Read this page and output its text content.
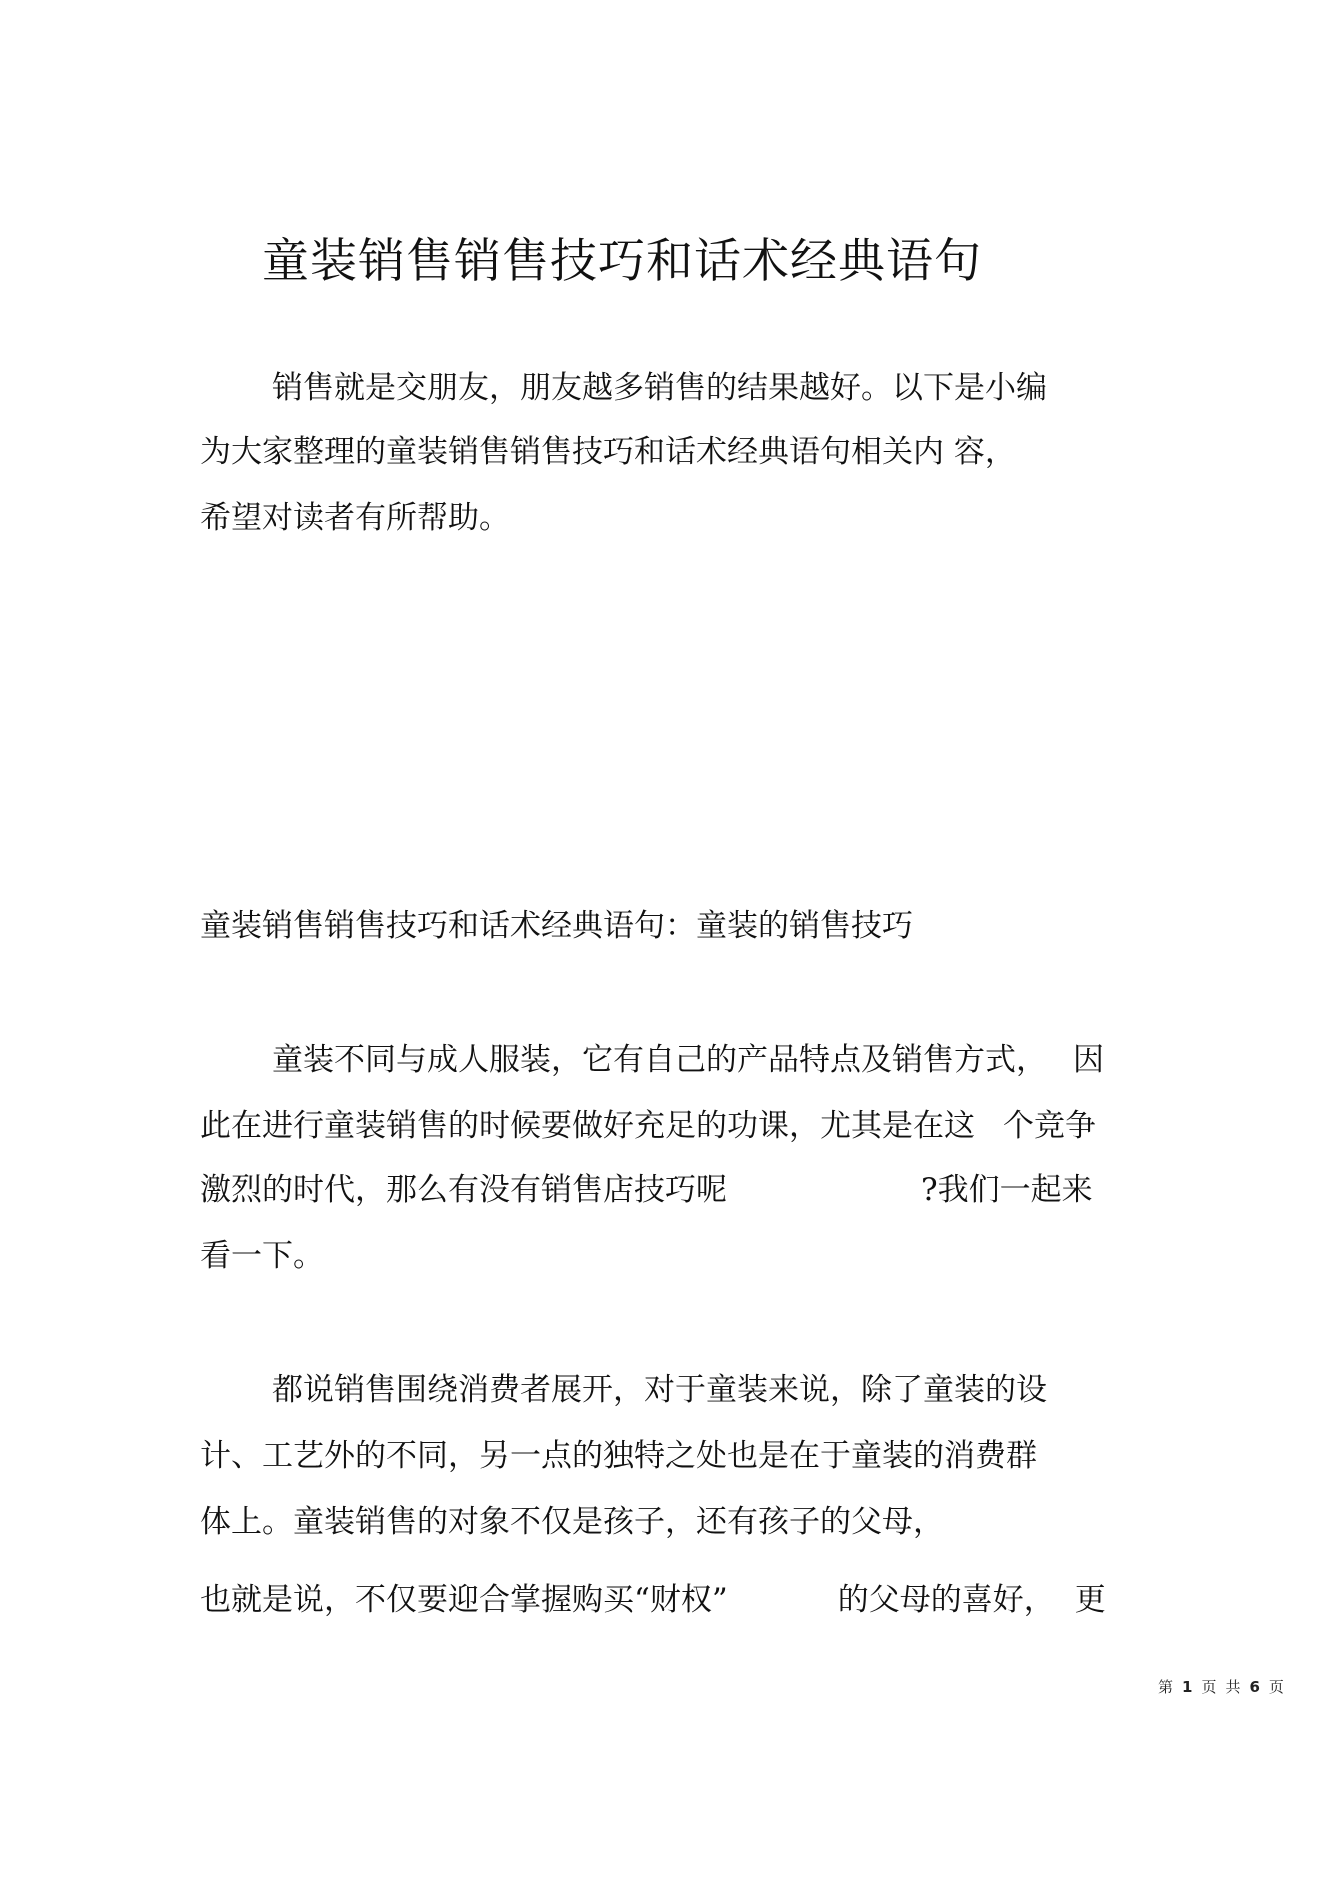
童装销售销售技巧和话术经典语句
销售就是交朋友，朋友越多销售的结果越好。以下是小编
为大家整理的童装销售销售技巧和话术经典语句相关内 容，
希望对读者有所帮助。
童装销售销售技巧和话术经典语句：童装的销售技巧
童装不同与成人服装，它有自己的产品特点及销售方式， 因
此在进行童装销售的时候要做好充足的功课，尤其是在这 个竞争
激烈的时代，那么有没有销售店技巧呢	?我们一起来
看一下。
都说销售围绕消费者展开，对于童装来说，除了童装的设
计、工艺外的不同，另一点的独特之处也是在于童装的消费群
体上。童装销售的对象不仅是孩子，还有孩子的父母，
也就是说，不仅要迎合掌握购买“财权”	的父母的喜好， 更
第 1 页 共 6 页
